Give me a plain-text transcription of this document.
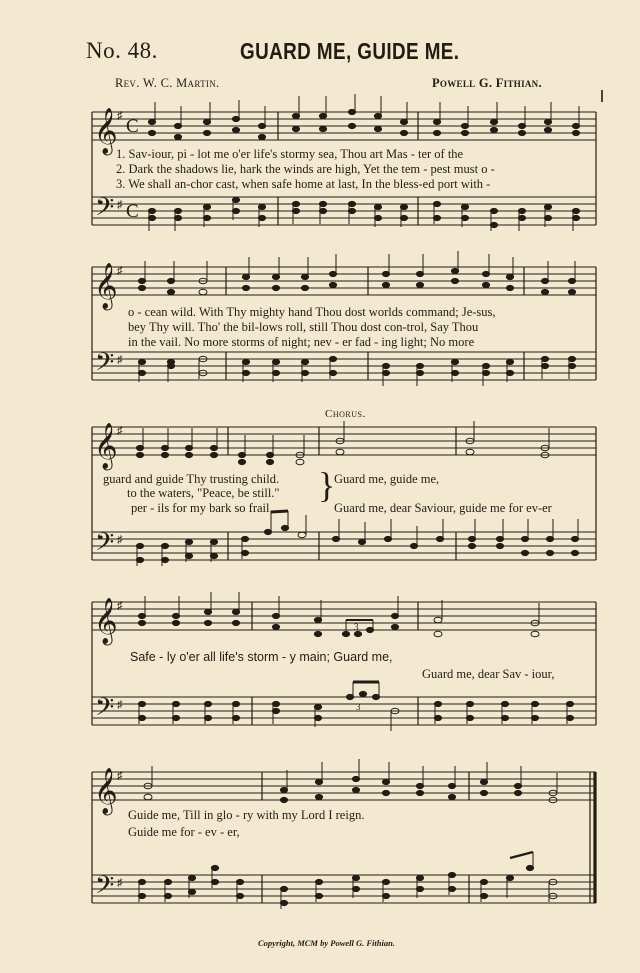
No. 48.	GUARD ME, GUIDE ME.
Rev. W. C. Martin.	Powell G. Fithian.
𝄞
𝄢
♯
♯
C
C
1. Sav-iour, pi - lot me o'er life's stormy sea, Thou art Mas - ter of the
2. Dark the shadows lie, hark the winds are high, Yet the tem - pest must o -
3. We shall an-chor cast, when safe home at last, In the bless-ed port with -
𝄞
𝄢
♯
♯
o - cean wild. With Thy mighty hand Thou dost worlds command; Je-sus,
bey Thy will. Tho' the bil-lows roll, still Thou dost con-trol, Say Thou
in the vail. No more storms of night; nev - er fad - ing light; No more
Chorus.
𝄞
𝄢
♯
♯
}
guard and guide Thy trusting child.
to the waters, "Peace, be still."
per - ils for my bark so frail.
Guard me, guide me,
Guard me, dear Saviour, guide me for ev-er
𝄞
𝄢
♯
♯
3
3
Safe - ly o'er all life's storm - y main; Guard me,
Guard me, dear Sav - iour,
𝄞
𝄢
♯
♯
Guide me, Till in glo - ry with my Lord I reign.
Guide me for - ev - er,
Copyright, MCM by Powell G. Fithian.
